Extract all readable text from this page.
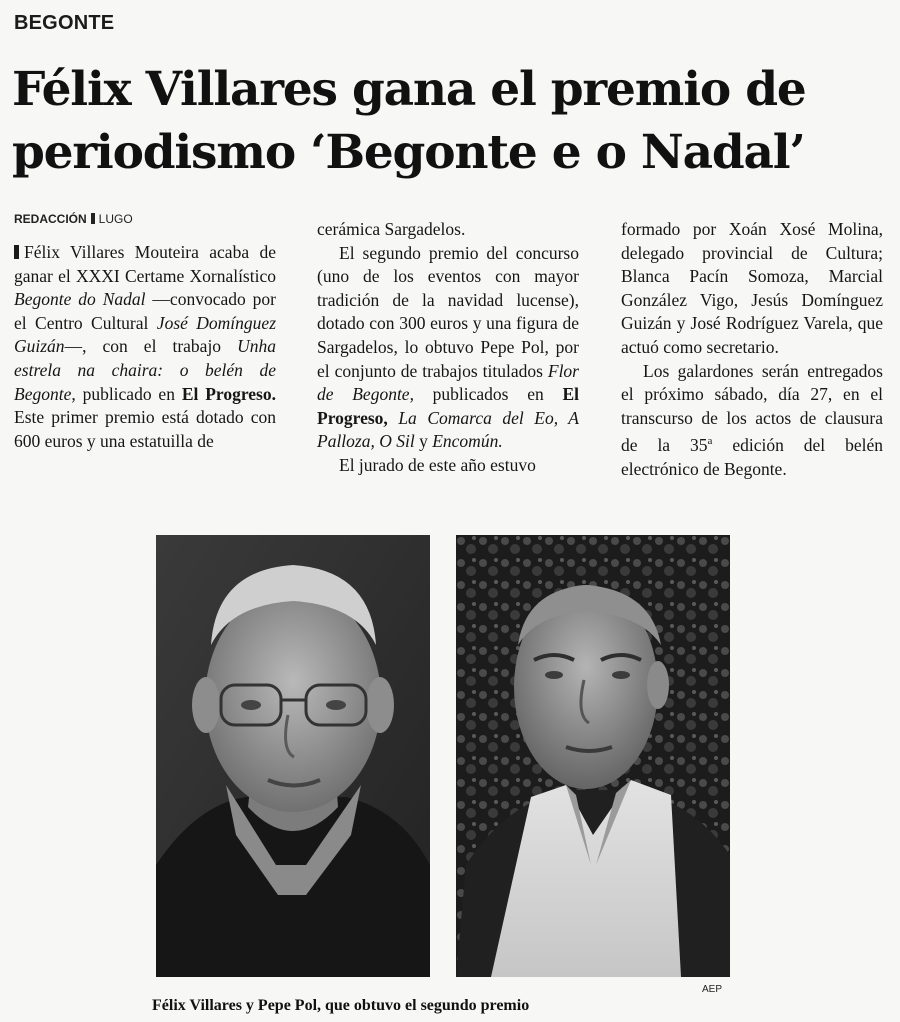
BEGONTE
Félix Villares gana el premio de
periodismo ‘Begonte e o Nadal’
REDACCIÓN LUGO

Félix Villares Mouteira acaba de ganar el XXXI Certame Xornalístico Begonte do Nadal —convocado por el Centro Cultural José Domínguez Guizán—, con el trabajo Unha estrela na chaira: o belén de Begonte, publicado en El Progreso. Este primer premio está dotado con 600 euros y una estatuilla de

cerámica Sargadelos.

El segundo premio del concurso (uno de los eventos con mayor tradición de la navidad lucense), dotado con 300 euros y una figura de Sargadelos, lo obtuvo Pepe Pol, por el conjunto de trabajos titulados Flor de Begonte, publicados en El Progreso, La Comarca del Eo, A Palloza, O Sil y Encomún.

El jurado de este año estuvo

formado por Xoán Xosé Molina, delegado provincial de Cultura; Blanca Pacín Somoza, Marcial González Vigo, Jesús Domínguez Guizán y José Rodríguez Varela, que actuó como secretario.

Los galardones serán entregados el próximo sábado, día 27, en el transcurso de los actos de clausura de la 35$^a$ edición del belén electrónico de Begonte.

AEP
Félix Villares y Pepe Pol, que obtuvo el segundo premio
